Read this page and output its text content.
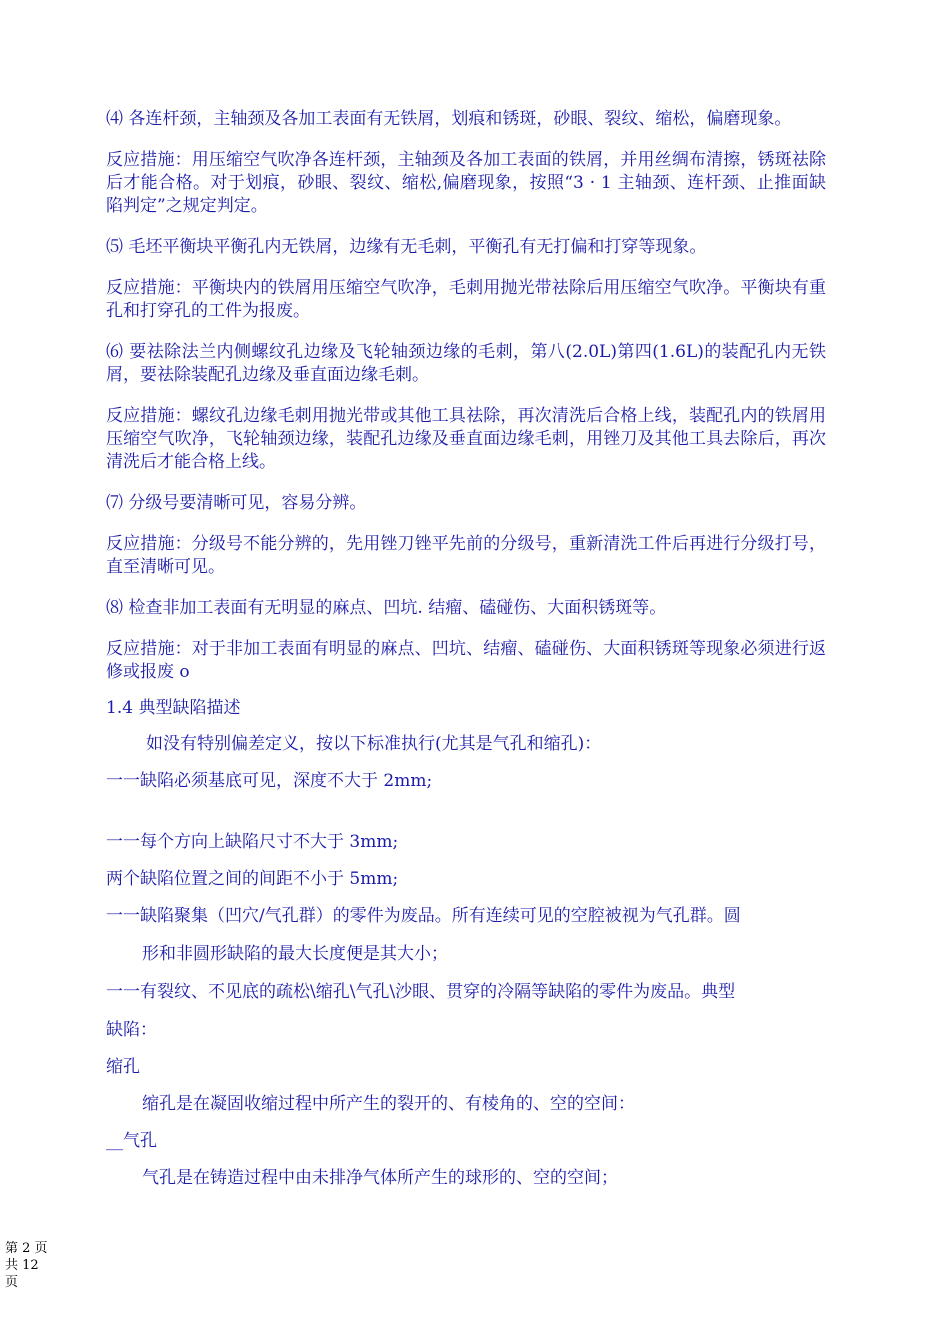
⑷ 各连杆颈，主轴颈及各加工表面有无铁屑，划痕和锈斑，砂眼、裂纹、缩松，偏磨现象。

反应措施：用压缩空气吹净各连杆颈，主轴颈及各加工表面的铁屑，并用丝绸布清擦，锈斑祛除后才能合格。对于划痕，砂眼、裂纹、缩松,偏磨现象，按照“3 · 1 主轴颈、连杆颈、止推面缺陷判定”之规定判定。

⑸ 毛坯平衡块平衡孔内无铁屑，边缘有无毛刺，平衡孔有无打偏和打穿等现象。

反应措施：平衡块内的铁屑用压缩空气吹净，毛刺用抛光带祛除后用压缩空气吹净。平衡块有重孔和打穿孔的工件为报废。

⑹ 要祛除法兰内侧螺纹孔边缘及飞轮轴颈边缘的毛刺，第八(2.0L)第四(1.6L)的装配孔内无铁屑，要祛除装配孔边缘及垂直面边缘毛刺。

反应措施：螺纹孔边缘毛刺用抛光带或其他工具祛除，再次清洗后合格上线，装配孔内的铁屑用压缩空气吹净，飞轮轴颈边缘，装配孔边缘及垂直面边缘毛刺，用锉刀及其他工具去除后，再次清洗后才能合格上线。

⑺ 分级号要清晰可见，容易分辨。

反应措施：分级号不能分辨的，先用锉刀锉平先前的分级号，重新清洗工件后再进行分级打号，直至清晰可见。

⑻ 检查非加工表面有无明显的麻点、凹坑. 结瘤、磕碰伤、大面积锈斑等。

反应措施：对于非加工表面有明显的麻点、凹坑、结瘤、磕碰伤、大面积锈斑等现象必须进行返修或报废 o

1.4 典型缺陷描述

如没有特别偏差定义，按以下标准执行(尤其是气孔和缩孔)：

一一缺陷必须基底可见，深度不大于 2mm;

一一每个方向上缺陷尺寸不大于 3mm;

两个缺陷位置之间的间距不小于 5mm;

一一缺陷聚集（凹穴/气孔群）的零件为废品。所有连续可见的空腔被视为气孔群。圆

形和非圆形缺陷的最大长度便是其大小；

一一有裂纹、不见底的疏松\缩孔\气孔\沙眼、贯穿的冷隔等缺陷的零件为废品。典型

缺陷：

缩孔

缩孔是在凝固收缩过程中所产生的裂开的、有棱角的、空的空间：

__气孔

气孔是在铸造过程中由未排净气体所产生的球形的、空的空间；

第 2 页
共 12
页
